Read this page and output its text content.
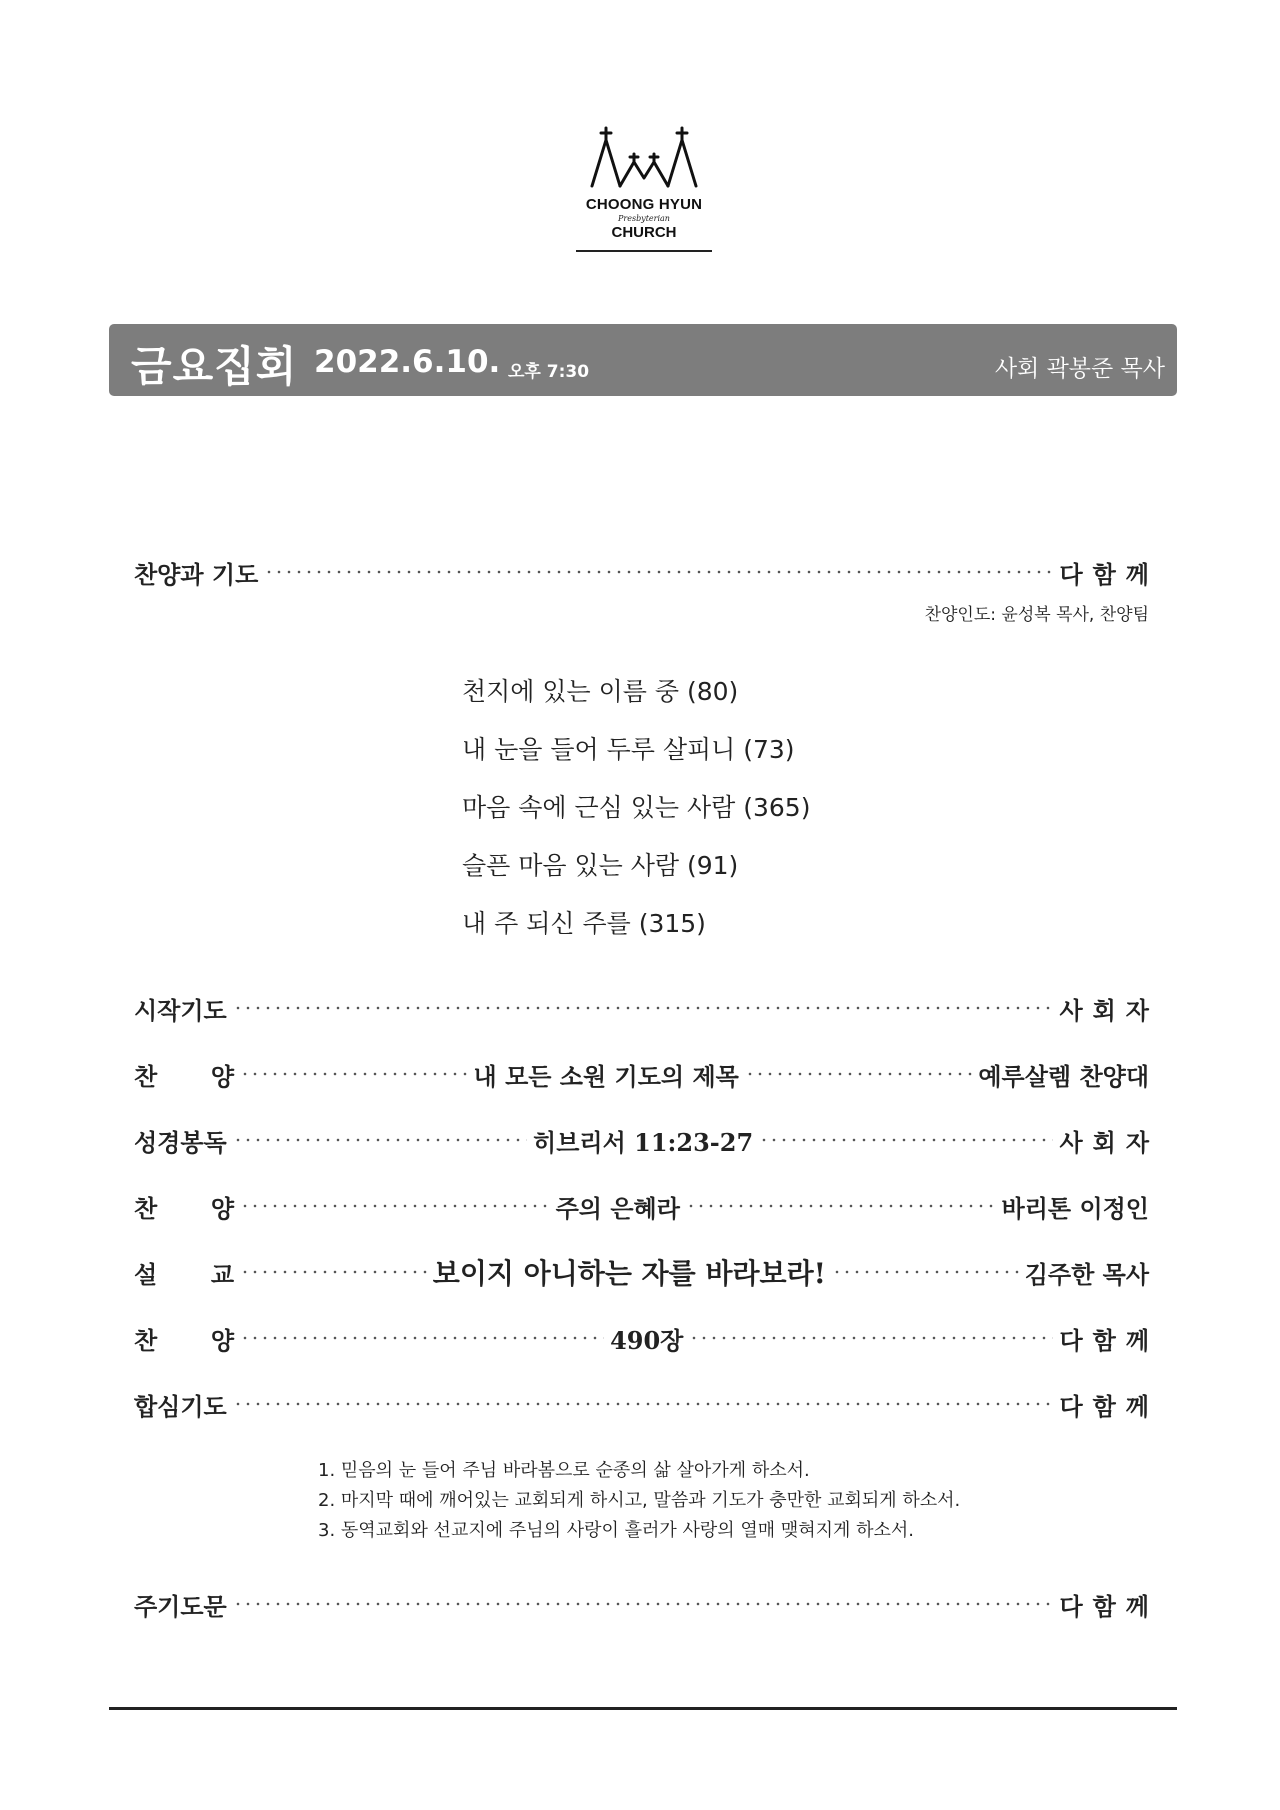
CHOONG HYUN
Presbyterian
CHURCH
금요집회 2022.6.10. 오후 7:30	사회 곽봉준 목사
찬양과 기도	다함께
찬양인도: 윤성복 목사, 찬양팀
천지에 있는 이름 중 (80)
내 눈을 들어 두루 살피니 (73)
마음 속에 근심 있는 사람 (365)
슬픈 마음 있는 사람 (91)
내 주 되신 주를 (315)
시작기도	사회자
찬 양	내 모든 소원 기도의 제목	예루살렘 찬양대
성경봉독	히브리서 11:23-27	사회자
찬 양	주의 은혜라	바리톤 이정인
설 교	보이지 아니하는 자를 바라보라!	김주한 목사
찬 양	490장	다함께
합심기도	다함께
1. 믿음의 눈 들어 주님 바라봄으로 순종의 삶 살아가게 하소서.
2. 마지막 때에 깨어있는 교회되게 하시고, 말씀과 기도가 충만한 교회되게 하소서.
3. 동역교회와 선교지에 주님의 사랑이 흘러가 사랑의 열매 맺혀지게 하소서.
주기도문	다함께
